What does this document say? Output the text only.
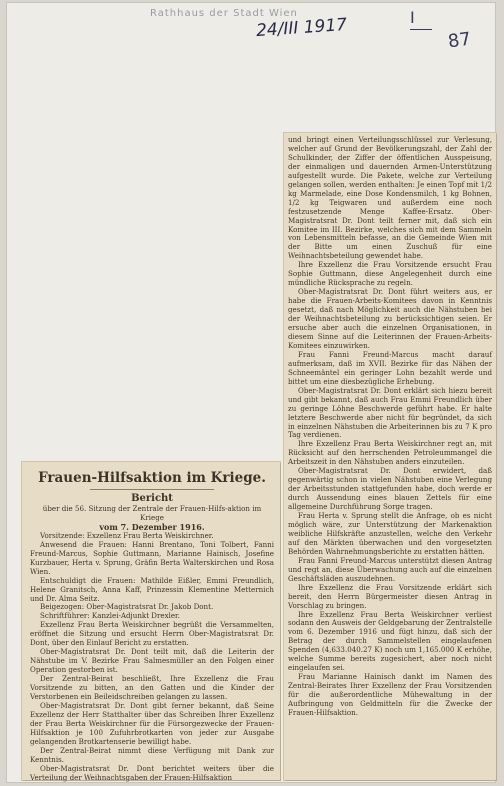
Rathhaus der Stadt Wien
24/III 1917	I
87

Frauen-Hilfsaktion im Kriege.

Bericht

über die 56. Sitzung der Zentrale der Frauen-Hilfs-aktion im Kriege

vom 7. Dezember 1916.

Vorsitzende: Exzellenz Frau Berta Weiskirchner.

Anwesend die Frauen: Hanni Brentano, Toni Tolbert, Fanni Freund-Marcus, Sophie Guttmann, Marianne Hainisch, Josefine Kurzbauer, Herta v. Sprung, Gräfin Berta Walterskirchen und Rosa Wien.

Entschuldigt die Frauen: Mathilde Eißler, Emmi Freundlich, Helene Granitsch, Anna Kaff, Prinzessin Klementine Metternich und Dr. Alma Seitz.

Beigezogen: Ober-Magistratsrat Dr. Jakob Dont.

Schriftführer: Kanzlei-Adjunkt Drexler.

Exzellenz Frau Berta Weiskirchner begrüßt die Versammelten, eröffnet die Sitzung und ersucht Herrn Ober-Magistratsrat Dr. Dont, über den Einlauf Bericht zu erstatten.

Ober-Magistratsrat Dr. Dont teilt mit, daß die Leiterin der Nähstube im V. Bezirke Frau Salmesmüller an den Folgen einer Operation gestorben ist.

Der Zentral-Beirat beschließt, Ihre Exzellenz die Frau Vorsitzende zu bitten, an den Gatten und die Kinder der Verstorbenen ein Beileidschreiben gelangen zu lassen.

Ober-Magistratsrat Dr. Dont gibt ferner bekannt, daß Seine Exzellenz der Herr Statthalter über das Schreiben Ihrer Exzellenz der Frau Berta Weiskirchner für die Fürsorgezwecke der Frauen-Hilfsaktion je 100 Zufuhrbrotkarten von jeder zur Ausgabe gelangenden Brotkartenserie bewilligt habe.

Der Zentral-Beirat nimmt diese Verfügung mit Dank zur Kenntnis.

Ober-Magistratsrat Dr. Dont berichtet weiters über die Verteilung der Weihnachtsgaben der Frauen-Hilfsaktion

und bringt einen Verteilungsschlüssel zur Verlesung, welcher auf Grund der Bevölkerungszahl, der Zahl der Schulkinder, der Ziffer der öffentlichen Ausspeisung, der einmaligen und dauernden Armen-Unterstützung aufgestellt wurde. Die Pakete, welche zur Verteilung gelangen sollen, werden enthalten: Je einen Topf mit 1/2 kg Marmelade, eine Dose Kondensmilch, 1 kg Bohnen, 1/2 kg Teigwaren und außerdem eine noch festzusetzende Menge Kaffee-Ersatz. Ober-Magistratsrat Dr. Dont teilt ferner mit, daß sich ein Komitee im III. Bezirke, welches sich mit dem Sammeln von Lebensmitteln befasse, an die Gemeinde Wien mit der Bitte um einen Zuschuß für eine Weihnachtsbeteilung gewendet habe.

Ihre Exzellenz die Frau Vorsitzende ersucht Frau Sophie Guttmann, diese Angelegenheit durch eine mündliche Rücksprache zu regeln.

Ober-Magistratsrat Dr. Dont führt weiters aus, er habe die Frauen-Arbeits-Komitees davon in Kenntnis gesetzt, daß nach Möglichkeit auch die Nähstuben bei der Weihnachtsbeteilung zu berücksichtigen seien. Er ersuche aber auch die einzelnen Organisationen, in diesem Sinne auf die Leiterinnen der Frauen-Arbeits-Komitees einzuwirken.

Frau Fanni Freund-Marcus macht darauf aufmerksam, daß im XVII. Bezirke für das Nähen der Schneemäntel ein geringer Lohn bezahlt werde und bittet um eine diesbezügliche Erhebung.

Ober-Magistratsrat Dr. Dont erklärt sich hiezu bereit und gibt bekannt, daß auch Frau Emmi Freundlich über zu geringe Löhne Beschwerde geführt habe. Er halte letztere Beschwerde aber nicht für begründet, da sich in einzelnen Nähstuben die Arbeiterinnen bis zu 7 K pro Tag verdienen.

Ihre Exzellenz Frau Berta Weiskirchner regt an, mit Rücksicht auf den herrschenden Petroleummangel die Arbeitszeit in den Nähstuben anders einzuteilen.

Ober-Magistratsrat Dr. Dont erwidert, daß gegenwärtig schon in vielen Nähstuben eine Verlegung der Arbeitsstunden stattgefunden habe, doch werde er durch Aussendung eines blauen Zettels für eine allgemeine Durchführung Sorge tragen.

Frau Herta v. Sprung stellt die Anfrage, ob es nicht möglich wäre, zur Unterstützung der Markenaktion weibliche Hilfskräfte anzustellen, welche den Verkehr auf den Märkten überwachen und den vorgesetzten Behörden Wahrnehmungsberichte zu erstatten hätten.

Frau Fanni Freund-Marcus unterstützt diesen Antrag und regt an, diese Überwachung auch auf die einzelnen Geschäftsläden auszudehnen.

Ihre Exzellenz die Frau Vorsitzende erklärt sich bereit, den Herrn Bürgermeister diesen Antrag in Vorschlag zu bringen.

Ihre Exzellenz Frau Berta Weiskirchner verliest sodann den Ausweis der Geldgebarung der Zentralstelle vom 6. Dezember 1916 und fügt hinzu, daß sich der Betrag der durch Sammelstellen eingelaufenen Spenden (4,633.040.27 K) noch um 1,165.000 K erhöhe, welche Summe bereits zugesichert, aber noch nicht eingelaufen sei.

Frau Marianne Hainisch dankt im Namen des Zentral-Beirates Ihrer Exzellenz der Frau Vorsitzenden für die außerordentliche Mühewaltung in der Aufbringung von Geldmitteln für die Zwecke der Frauen-Hilfsaktion.
